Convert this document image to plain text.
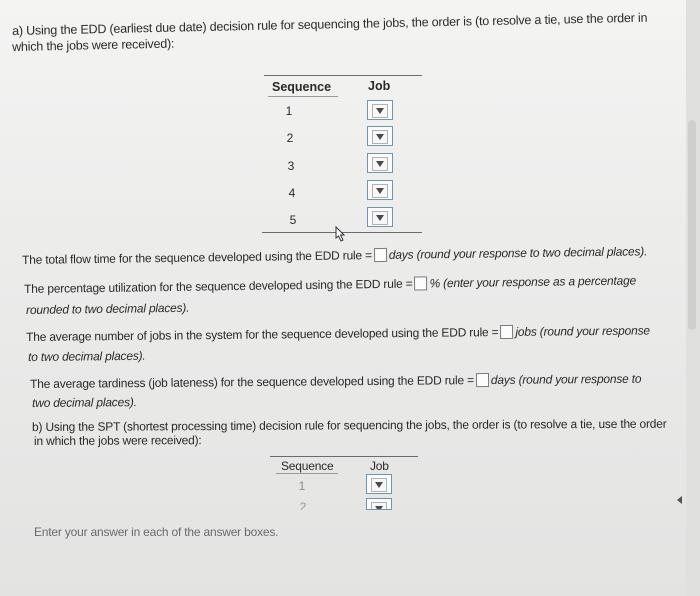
a) Using the EDD (earliest due date) decision rule for sequencing the jobs, the order is (to resolve a tie, use the order in
which the jobs were received):
Sequence	Job
1
2
3
4
5
The total flow time for the sequence developed using the EDD rule = days (round your response to two decimal places).
The percentage utilization for the sequence developed using the EDD rule = % (enter your response as a percentage
rounded to two decimal places).
The average number of jobs in the system for the sequence developed using the EDD rule = jobs (round your response
to two decimal places).
The average tardiness (job lateness) for the sequence developed using the EDD rule = days (round your response to
two decimal places).
b) Using the SPT (shortest processing time) decision rule for sequencing the jobs, the order is (to resolve a tie, use the order
in which the jobs were received):
Sequence	Job
1
2
Enter your answer in each of the answer boxes.
